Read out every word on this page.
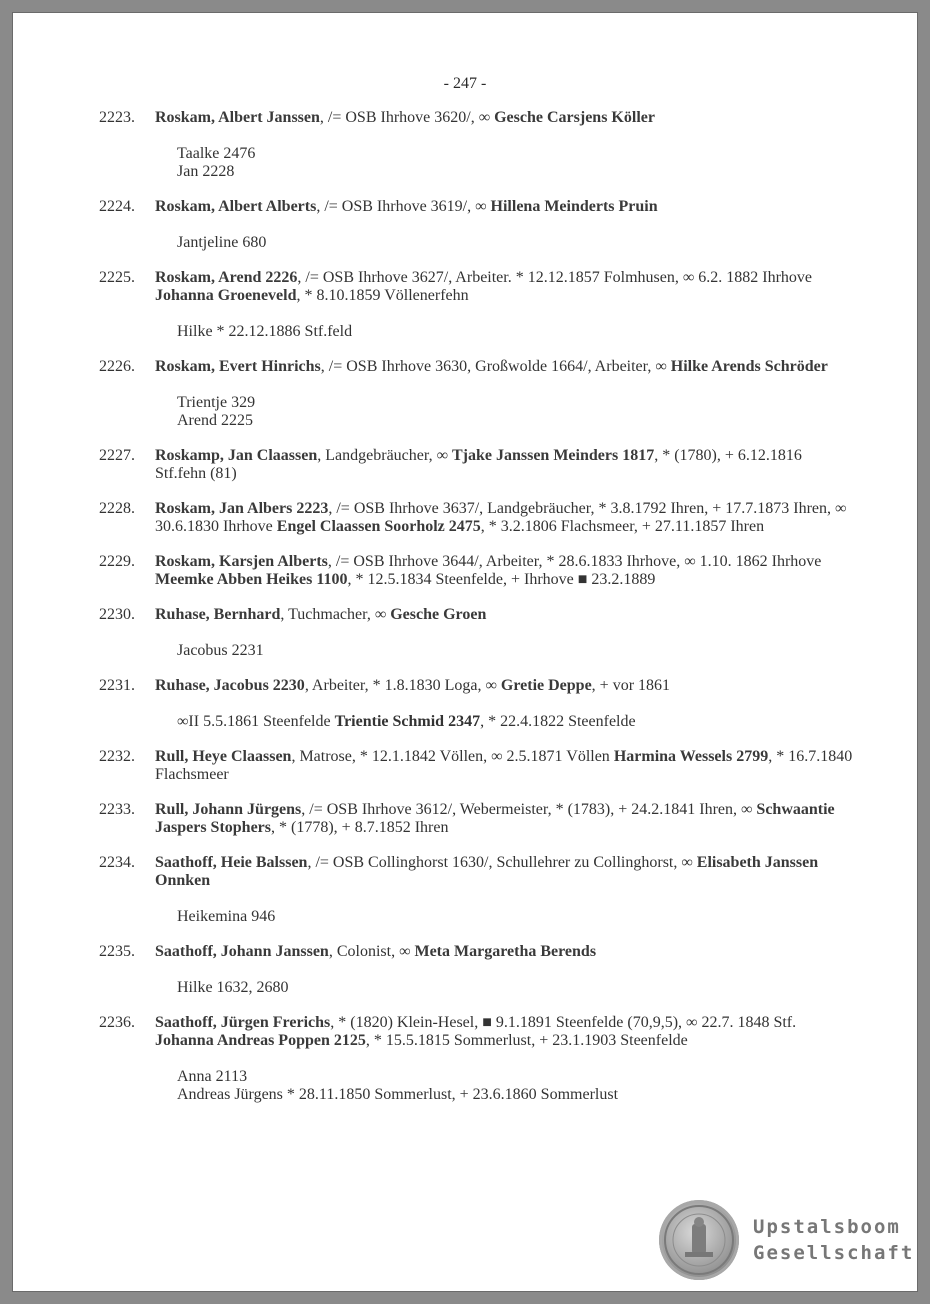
- 247 -
2223. Roskam, Albert Janssen, /= OSB Ihrhove 3620/, ∞ Gesche Carsjens Köller
Taalke 2476
Jan 2228
2224. Roskam, Albert Alberts, /= OSB Ihrhove 3619/, ∞ Hillena Meinderts Pruin
Jantjeline 680
2225. Roskam, Arend 2226, /= OSB Ihrhove 3627/, Arbeiter. * 12.12.1857 Folmhusen, ∞ 6.2. 1882 Ihrhove Johanna Groeneveld, * 8.10.1859 Völlenerfehn
Hilke * 22.12.1886 Stf.feld
2226. Roskam, Evert Hinrichs, /= OSB Ihrhove 3630, Großwolde 1664/, Arbeiter, ∞ Hilke Arends Schröder
Trientje 329
Arend 2225
2227. Roskamp, Jan Claassen, Landgebräucher, ∞ Tjake Janssen Meinders 1817, * (1780), + 6.12.1816 Stf.fehn (81)
2228. Roskam, Jan Albers 2223, /= OSB Ihrhove 3637/, Landgebräucher, * 3.8.1792 Ihren, + 17.7.1873 Ihren, ∞ 30.6.1830 Ihrhove Engel Claassen Soorholz 2475, * 3.2.1806 Flachsmeer, + 27.11.1857 Ihren
2229. Roskam, Karsjen Alberts, /= OSB Ihrhove 3644/, Arbeiter, * 28.6.1833 Ihrhove, ∞ 1.10. 1862 Ihrhove Meemke Abben Heikes 1100, * 12.5.1834 Steenfelde, + Ihrhove ■ 23.2.1889
2230. Ruhase, Bernhard, Tuchmacher, ∞ Gesche Groen
Jacobus 2231
2231. Ruhase, Jacobus 2230, Arbeiter, * 1.8.1830 Loga, ∞ Gretie Deppe, + vor 1861
∞II 5.5.1861 Steenfelde Trientie Schmid 2347, * 22.4.1822 Steenfelde
2232. Rull, Heye Claassen, Matrose, * 12.1.1842 Völlen, ∞ 2.5.1871 Völlen Harmina Wessels 2799, * 16.7.1840 Flachsmeer
2233. Rull, Johann Jürgens, /= OSB Ihrhove 3612/, Webermeister, * (1783), + 24.2.1841 Ihren, ∞ Schwaantie Jaspers Stophers, * (1778), + 8.7.1852 Ihren
2234. Saathoff, Heie Balssen, /= OSB Collinghorst 1630/, Schullehrer zu Collinghorst, ∞ Elisabeth Janssen Onnken
Heikemina 946
2235. Saathoff, Johann Janssen, Colonist, ∞ Meta Margaretha Berends
Hilke 1632, 2680
2236. Saathoff, Jürgen Frerichs, * (1820) Klein-Hesel, ■ 9.1.1891 Steenfelde (70,9,5), ∞ 22.7. 1848 Stf. Johanna Andreas Poppen 2125, * 15.5.1815 Sommerlust, + 23.1.1903 Steenfelde
Anna 2113
Andreas Jürgens * 28.11.1850 Sommerlust, + 23.6.1860 Sommerlust
Upstalsboom
Gesellschaft
